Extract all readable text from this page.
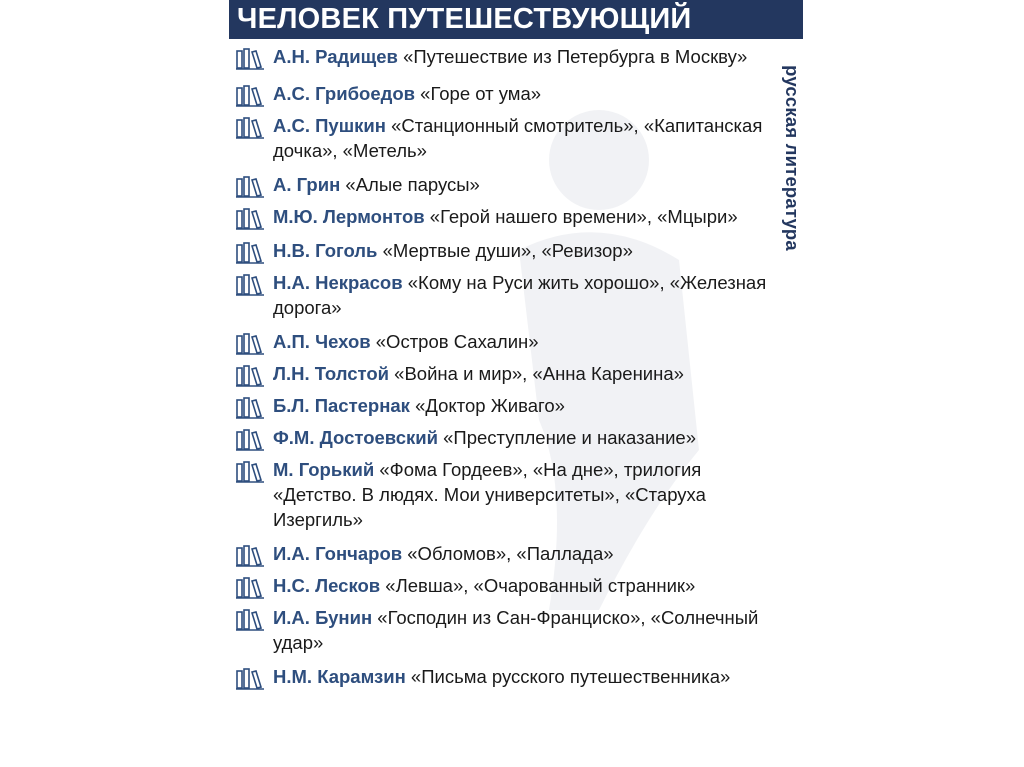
ЧЕЛОВЕК ПУТЕШЕСТВУЮЩИЙ
русская литература
А.Н. Радищев «Путешествие из Петербурга в Москву»
А.С. Грибоедов «Горе от ума»
А.С. Пушкин «Станционный смотритель», «Капитанская дочка», «Метель»
А. Грин «Алые парусы»
М.Ю. Лермонтов «Герой нашего времени», «Мцыри»
Н.В. Гоголь «Мертвые души», «Ревизор»
Н.А. Некрасов «Кому на Руси жить хорошо», «Железная дорога»
А.П. Чехов «Остров Сахалин»
Л.Н. Толстой «Война и мир», «Анна Каренина»
Б.Л. Пастернак «Доктор Живаго»
Ф.М. Достоевский «Преступление и наказание»
М. Горький «Фома Гордеев», «На дне», трилогия «Детство. В людях. Мои университеты», «Старуха Изергиль»
И.А. Гончаров «Обломов», «Паллада»
Н.С. Лесков «Левша», «Очарованный странник»
И.А. Бунин «Господин из Сан-Франциско», «Солнечный удар»
Н.М. Карамзин «Письма русского путешественника»
